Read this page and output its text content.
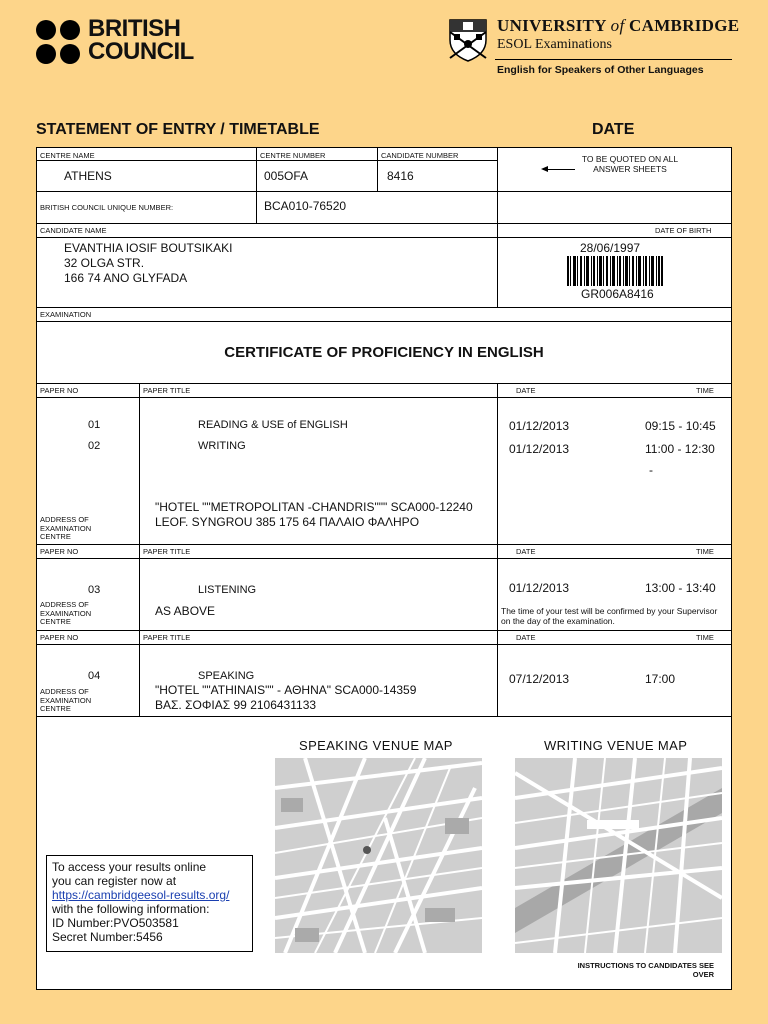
BRITISH
COUNCIL
UNIVERSITY of CAMBRIDGE
ESOL Examinations
English for Speakers of Other Languages
STATEMENT OF ENTRY / TIMETABLE	DATE
CENTRE NAME	CENTRE NUMBER	CANDIDATE NUMBER
ATHENS	005OFA	8416
TO BE QUOTED ON ALL ANSWER SHEETS
BRITISH COUNCIL UNIQUE NUMBER:	BCA010-76520
CANDIDATE NAME	DATE OF BIRTH
EVANTHIA IOSIF BOUTSIKAKI
32 OLGA STR.
166 74 ANO GLYFADA
28/06/1997
GR006A8416
EXAMINATION
CERTIFICATE OF PROFICIENCY IN ENGLISH
PAPER NO	PAPER TITLE	DATE	TIME
01	READING & USE of ENGLISH	01/12/2013	09:15 - 10:45
02	WRITING	01/12/2013	11:00 - 12:30
-
ADDRESS OF EXAMINATION CENTRE
"HOTEL ""METROPOLITAN -CHANDRIS""" SCA000-12240
LEOF. SYNGROU 385 175 64 ΠΑΛΑΙΟ ΦΑΛΗΡΟ
PAPER NO	PAPER TITLE	DATE	TIME
03	LISTENING	01/12/2013	13:00 - 13:40
ADDRESS OF EXAMINATION CENTRE
AS ABOVE	The time of your test will be confirmed by your Supervisor on the day of the examination.
PAPER NO	PAPER TITLE	DATE	TIME
04	SPEAKING	07/12/2013	17:00
ADDRESS OF EXAMINATION CENTRE
"HOTEL ""ATHINAIS"" - ΑΘΗΝΑ" SCA000-14359
ΒΑΣ. ΣΟΦΙΑΣ 99 2106431133
SPEAKING VENUE MAP	WRITING VENUE MAP
To access your results online
you can register now at
https://cambridgeesol-results.org/
with the following information:
ID Number:PVO503581
Secret Number:5456
INSTRUCTIONS TO CANDIDATES SEE OVER
